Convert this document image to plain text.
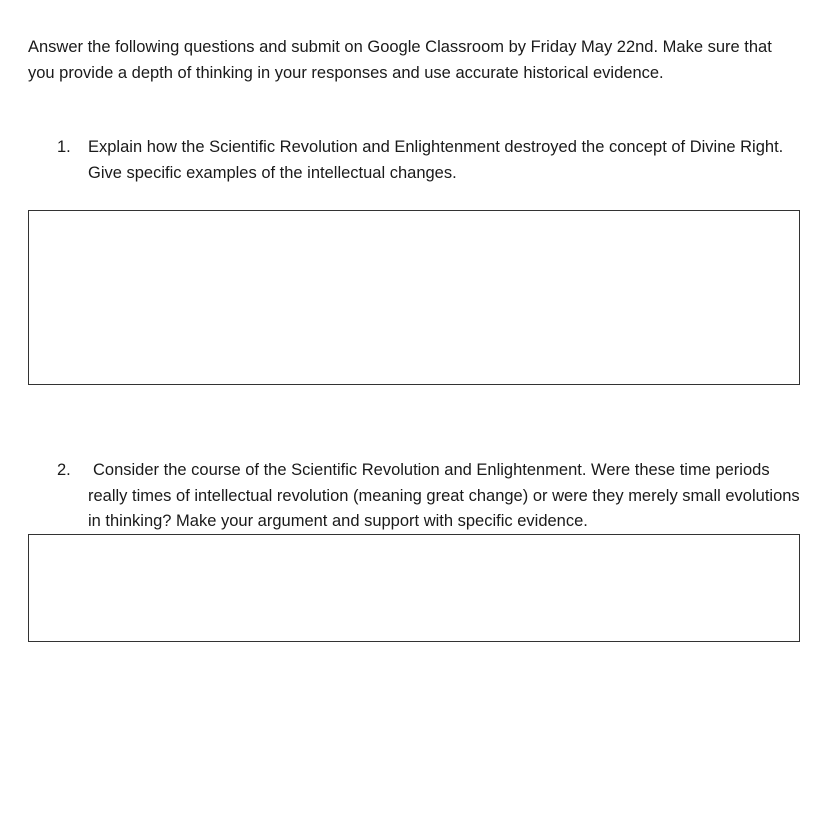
Answer the following questions and submit on Google Classroom by Friday May 22nd. Make sure that you provide a depth of thinking in your responses and use accurate historical evidence.

1. Explain how the Scientific Revolution and Enlightenment destroyed the concept of Divine Right. Give specific examples of the intellectual changes.

2.	Consider the course of the Scientific Revolution and Enlightenment. Were these time periods really times of intellectual revolution (meaning great change) or were they merely small evolutions in thinking? Make your argument and support with specific evidence.
